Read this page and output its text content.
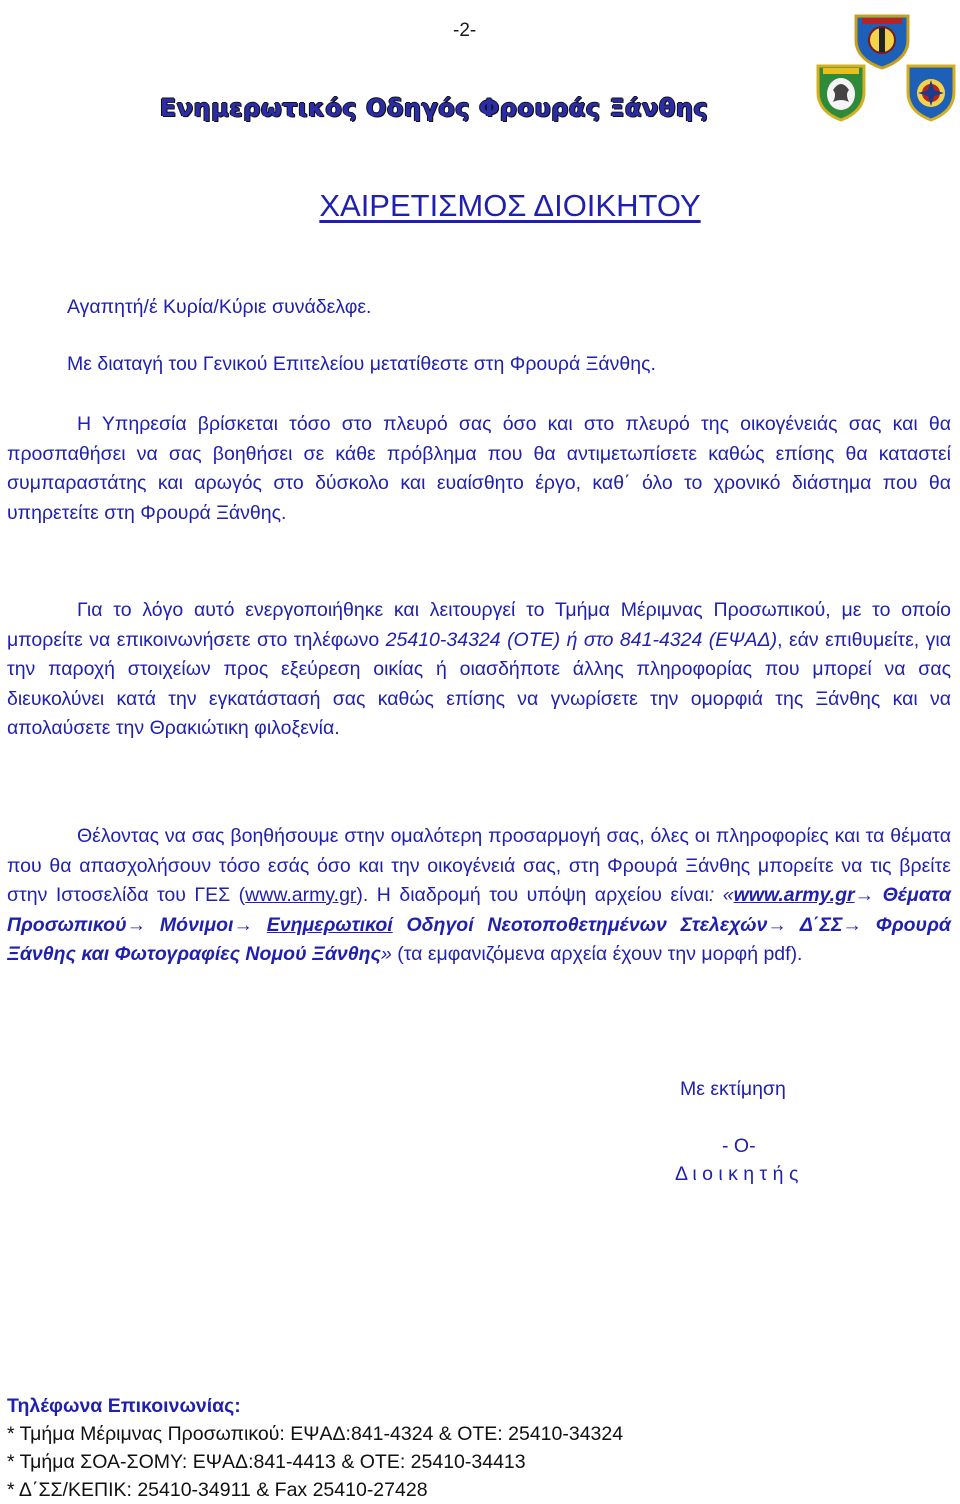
-2-
Ενημερωτικός Οδηγός Φρουράς Ξάνθης
ΧΑΙΡΕΤΙΣΜΟΣ ΔΙΟΙΚΗΤΟΥ
Αγαπητή/έ Κυρία/Κύριε συνάδελφε.
Με διαταγή του Γενικού Επιτελείου μετατίθεστε στη Φρουρά Ξάνθης.

Η Υπηρεσία βρίσκεται τόσο στο πλευρό σας όσο και στο πλευρό της οικογένειάς σας και θα προσπαθήσει να σας βοηθήσει σε κάθε πρόβλημα που θα αντιμετωπίσετε καθώς επίσης θα καταστεί συμπαραστάτης και αρωγός στο δύσκολο και ευαίσθητο έργο, καθ΄ όλο το χρονικό διάστημα που θα υπηρετείτε στη Φρουρά Ξάνθης.

Για το λόγο αυτό ενεργοποιήθηκε και λειτουργεί το Τμήμα Μέριμνας Προσωπικού, με το οποίο μπορείτε να επικοινωνήσετε στο τηλέφωνο 25410-34324 (ΟΤΕ) ή στο 841-4324 (ΕΨΑΔ), εάν επιθυμείτε, για την παροχή στοιχείων προς εξεύρεση οικίας ή οιασδήποτε άλλης πληροφορίας που μπορεί να σας διευκολύνει κατά την εγκατάστασή σας καθώς επίσης να γνωρίσετε την ομορφιά της Ξάνθης και να απολαύσετε την Θρακιώτικη φιλοξενία.

Θέλοντας να σας βοηθήσουμε στην ομαλότερη προσαρμογή σας, όλες οι πληροφορίες και τα θέματα που θα απασχολήσουν τόσο εσάς όσο και την οικογένειά σας, στη Φρουρά Ξάνθης μπορείτε να τις βρείτε στην Ιστοσελίδα του ΓΕΣ (www.army.gr). Η διαδρομή του υπόψη αρχείου είναι: «www.army.gr→ Θέματα Προσωπικού→ Μόνιμοι→ Ενημερωτικοί Οδηγοί Νεοτοποθετημένων Στελεχών→ Δ΄ΣΣ→ Φρουρά Ξάνθης και Φωτογραφίες Νομού Ξάνθης» (τα εμφανιζόμενα αρχεία έχουν την μορφή pdf).

Με εκτίμηση
- Ο-
Δ ι ο ι κ η τ ή ς
Τηλέφωνα Επικοινωνίας:
* Τμήμα Μέριμνας Προσωπικού: ΕΨΑΔ:841-4324 & ΟΤΕ: 25410-34324
* Τμήμα ΣΟΑ-ΣΟΜΥ: ΕΨΑΔ:841-4413 & ΟΤΕ: 25410-34413
* Δ΄ΣΣ/ΚΕΠΙΚ: 25410-34911 & Fax 25410-27428
